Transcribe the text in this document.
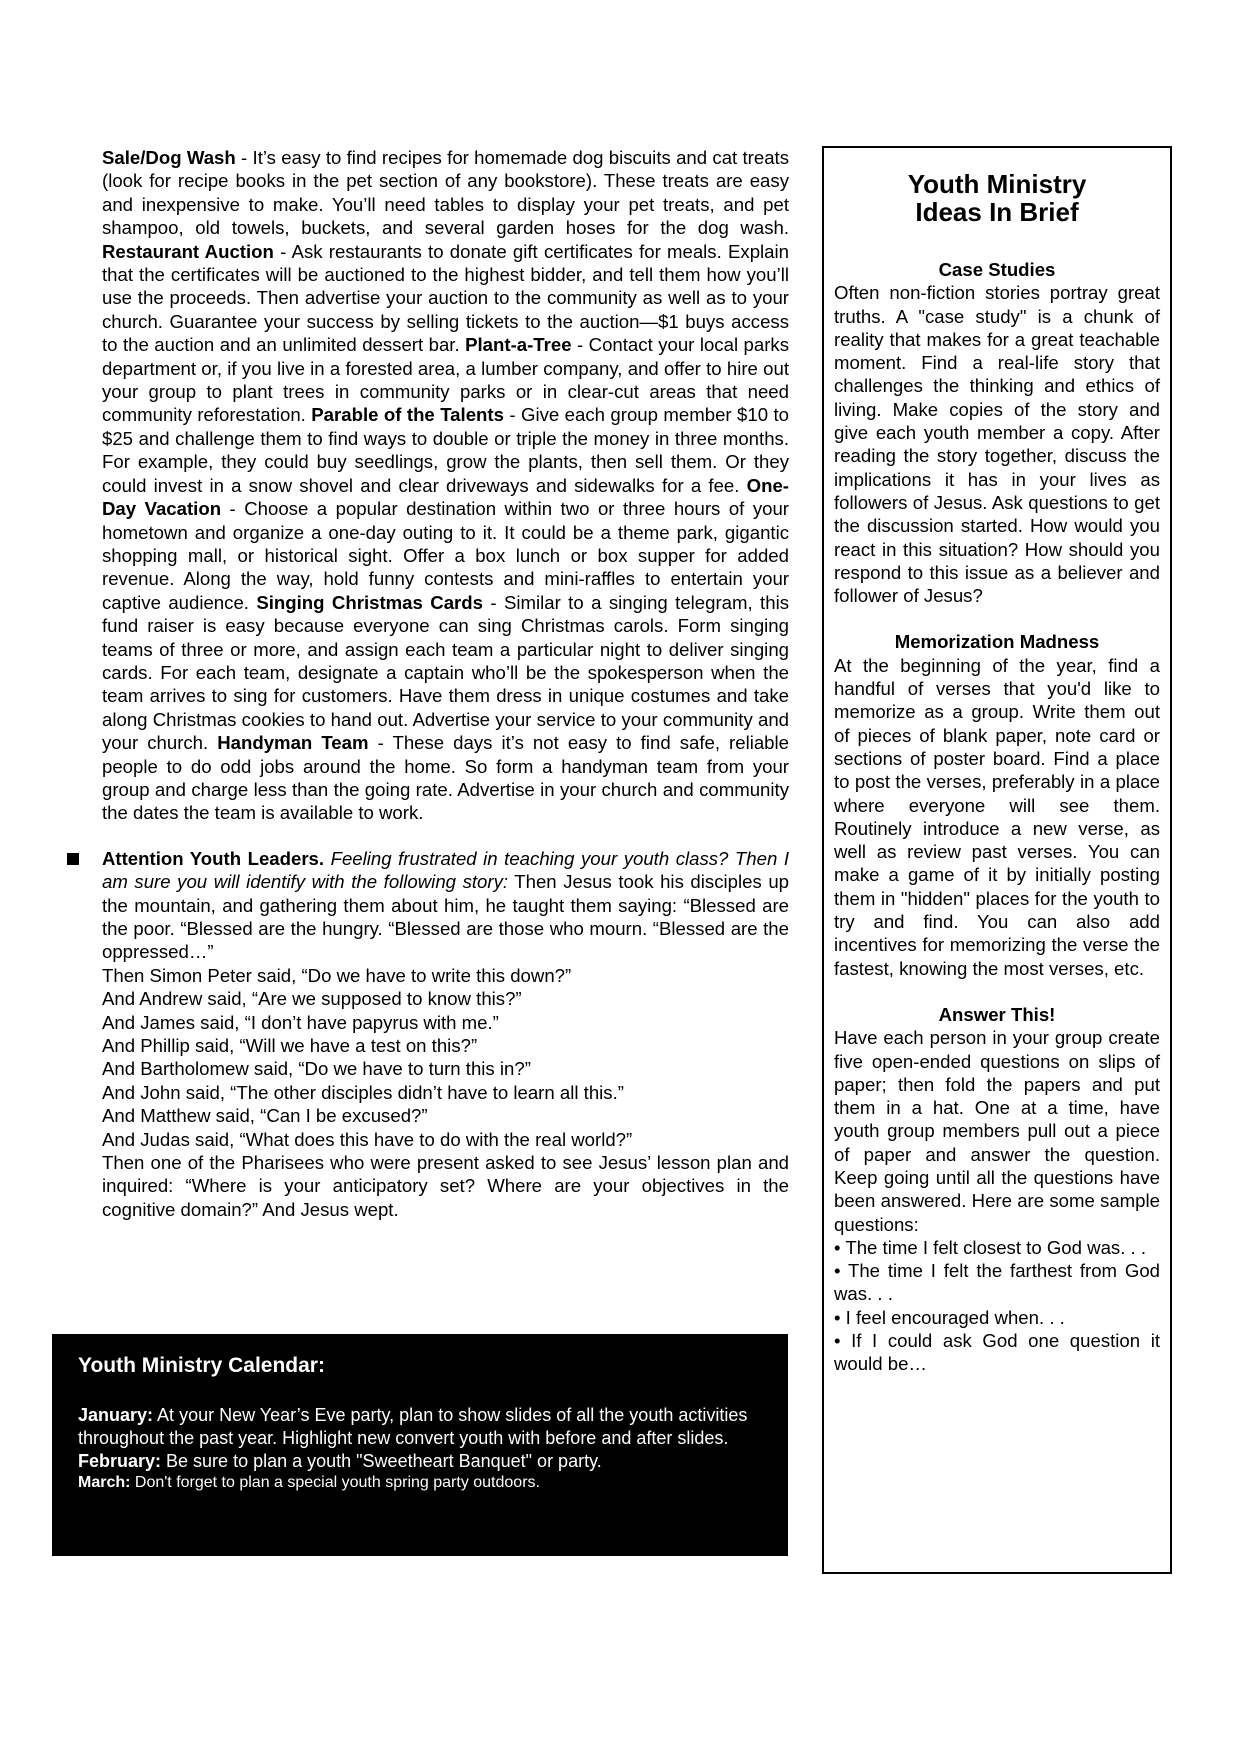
Sale/Dog Wash - It’s easy to find recipes for homemade dog biscuits and cat treats (look for recipe books in the pet section of any bookstore). These treats are easy and inexpensive to make. You’ll need tables to display your pet treats, and pet shampoo, old towels, buckets, and several garden hoses for the dog wash. Restaurant Auction - Ask restaurants to donate gift certificates for meals. Explain that the certificates will be auctioned to the highest bidder, and tell them how you’ll use the proceeds. Then advertise your auction to the community as well as to your church. Guarantee your success by selling tickets to the auction—$1 buys access to the auction and an unlimited dessert bar. Plant-a-Tree - Contact your local parks department or, if you live in a forested area, a lumber company, and offer to hire out your group to plant trees in community parks or in clear-cut areas that need community reforestation. Parable of the Talents - Give each group member $10 to $25 and challenge them to find ways to double or triple the money in three months. For example, they could buy seedlings, grow the plants, then sell them. Or they could invest in a snow shovel and clear driveways and sidewalks for a fee. One-Day Vacation - Choose a popular destination within two or three hours of your hometown and organize a one-day outing to it. It could be a theme park, gigantic shopping mall, or historical sight. Offer a box lunch or box supper for added revenue. Along the way, hold funny contests and mini-raffles to entertain your captive audience. Singing Christmas Cards - Similar to a singing telegram, this fund raiser is easy because everyone can sing Christmas carols. Form singing teams of three or more, and assign each team a particular night to deliver singing cards. For each team, designate a captain who’ll be the spokesperson when the team arrives to sing for customers. Have them dress in unique costumes and take along Christmas cookies to hand out. Advertise your service to your community and your church. Handyman Team - These days it’s not easy to find safe, reliable people to do odd jobs around the home. So form a handyman team from your group and charge less than the going rate. Advertise in your church and community the dates the team is available to work.

Attention Youth Leaders. Feeling frustrated in teaching your youth class? Then I am sure you will identify with the following story: Then Jesus took his disciples up the mountain, and gathering them about him, he taught them saying: “Blessed are the poor. “Blessed are the hungry. “Blessed are those who mourn. “Blessed are the oppressed…”

Then Simon Peter said, “Do we have to write this down?”
And Andrew said, “Are we supposed to know this?”
And James said, “I don’t have papyrus with me.”
And Phillip said, “Will we have a test on this?”
And Bartholomew said, “Do we have to turn this in?”
And John said, “The other disciples didn’t have to learn all this.”
And Matthew said, “Can I be excused?”
And Judas said, “What does this have to do with the real world?”

Then one of the Pharisees who were present asked to see Jesus’ lesson plan and inquired: “Where is your anticipatory set? Where are your objectives in the cognitive domain?” And Jesus wept.

Youth Ministry Calendar:

January: At your New Year’s Eve party, plan to show slides of all the youth activities throughout the past year. Highlight new convert youth with before and after slides.

February: Be sure to plan a youth "Sweetheart Banquet" or party.

March: Don't forget to plan a special youth spring party outdoors.

Youth Ministry
Ideas In Brief

Case Studies

Often non-fiction stories portray great truths. A "case study" is a chunk of reality that makes for a great teachable moment. Find a real-life story that challenges the thinking and ethics of living. Make copies of the story and give each youth member a copy. After reading the story together, discuss the implications it has in your lives as followers of Jesus. Ask questions to get the discussion started. How would you react in this situation? How should you respond to this issue as a believer and follower of Jesus?

Memorization Madness

At the beginning of the year, find a handful of verses that you'd like to memorize as a group. Write them out of pieces of blank paper, note card or sections of poster board. Find a place to post the verses, preferably in a place where everyone will see them. Routinely introduce a new verse, as well as review past verses. You can make a game of it by initially posting them in "hidden" places for the youth to try and find. You can also add incentives for memorizing the verse the fastest, knowing the most verses, etc.

Answer This!

Have each person in your group create five open-ended questions on slips of paper; then fold the papers and put them in a hat. One at a time, have youth group members pull out a piece of paper and answer the question. Keep going until all the questions have been answered. Here are some sample questions:

• The time I felt closest to God was. . .
• The time I felt the farthest from God was. . .
• I feel encouraged when. . .
• If I could ask God one question it would be…
